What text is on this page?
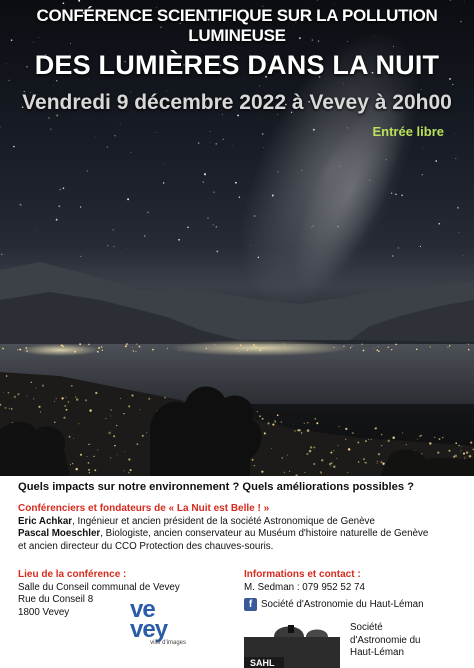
CONFÉRENCE SCIENTIFIQUE SUR LA POLLUTION LUMINEUSE
DES LUMIÈRES DANS LA NUIT
Vendredi 9 décembre 2022 à Vevey à 20h00
Entrée libre
Quels impacts sur notre environnement ? Quels améliorations possibles ?
Conférenciers et fondateurs de « La Nuit est Belle ! »
Eric Achkar, Ingénieur et ancien président de la société Astronomique de Genève
Pascal Moeschler, Biologiste, ancien conservateur au Muséum d'histoire naturelle de Genève
et ancien directeur du CCO Protection des chauves-souris.
Lieu de la conférence :
Salle du Conseil communal de Vevey
Rue du Conseil 8
1800 Vevey	ve
vey
ville d'images
Informations et contact :
M. Sedman : 079 952 52 74
f Société d'Astronomie du Haut-Léman
SAHL
Société
d'Astronomie du
Haut-Léman
